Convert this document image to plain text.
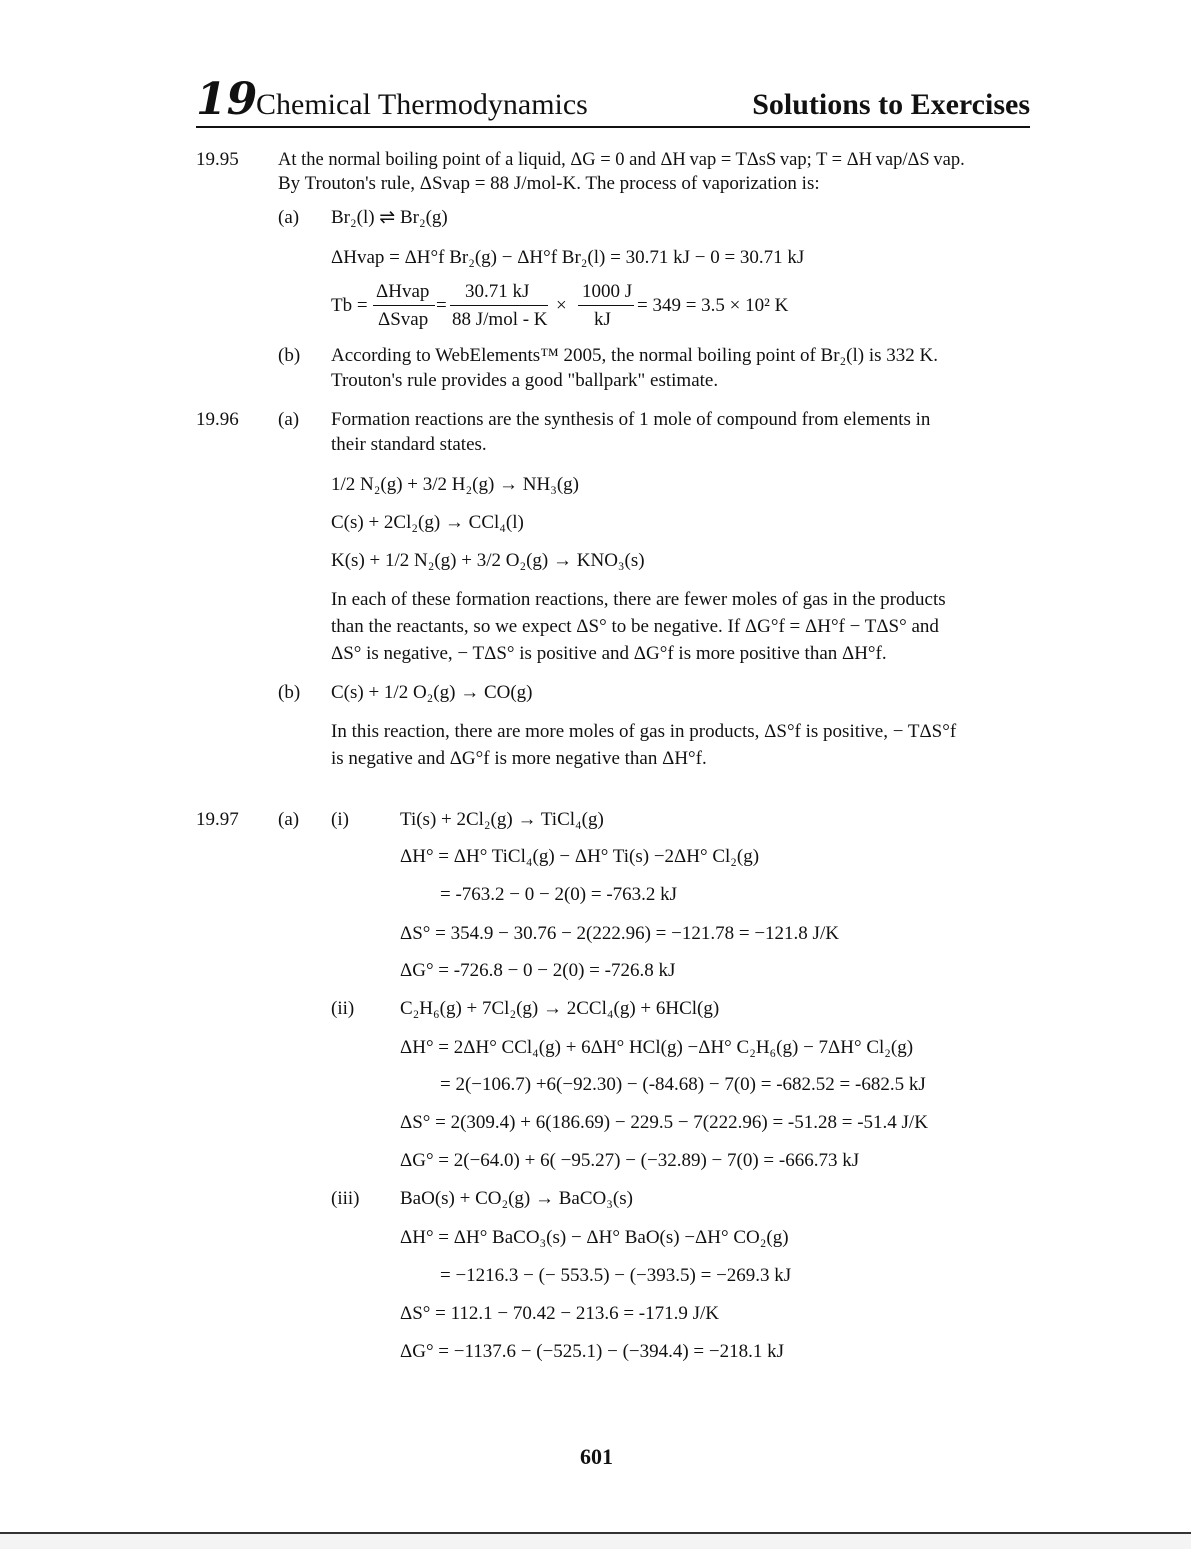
19
Chemical Thermodynamics	Solutions to Exercises
19.95 At the normal boiling point of a liquid, ΔG = 0 and ΔH vap = TΔsS vap; T = ΔH vap/ΔS vap.
By Trouton's rule, ΔSvap = 88 J/mol-K. The process of vaporization is:
(a) Br₂(l) ⇌ Br₂(g)
ΔHvap = ΔH°f Br₂(g) − ΔH°f Br₂(l) = 30.71 kJ − 0 = 30.71 kJ
Tb =
ΔHvap
ΔSvap
=
30.71 kJ
88 J/mol - K
×
1000 J
kJ
= 349 = 3.5 × 10² K
(b) According to WebElements™ 2005, the normal boiling point of Br₂(l) is 332 K.
Trouton's rule provides a good "ballpark" estimate.
19.96 (a) Formation reactions are the synthesis of 1 mole of compound from elements in
their standard states.
1/2 N₂(g) + 3/2 H₂(g) → NH₃(g)
C(s) + 2Cl₂(g) → CCl₄(l)
K(s) + 1/2 N₂(g) + 3/2 O₂(g) → KNO₃(s)
In each of these formation reactions, there are fewer moles of gas in the products
than the reactants, so we expect ΔS° to be negative. If ΔG°f = ΔH°f − TΔS° and
ΔS° is negative, − TΔS° is positive and ΔG°f is more positive than ΔH°f.
(b) C(s) + 1/2 O₂(g) → CO(g)
In this reaction, there are more moles of gas in products, ΔS°f is positive, − TΔS°f
is negative and ΔG°f is more negative than ΔH°f.
19.97 (a) (i)	Ti(s) + 2Cl₂(g) → TiCl₄(g)
ΔH° = ΔH° TiCl₄(g) − ΔH° Ti(s) −2ΔH° Cl₂(g)
= -763.2 − 0 − 2(0) = -763.2 kJ
ΔS° = 354.9 − 30.76 − 2(222.96) = −121.78 = −121.8 J/K
ΔG° = -726.8 − 0 − 2(0) = -726.8 kJ
(ii) C₂H₆(g) + 7Cl₂(g) → 2CCl₄(g) + 6HCl(g)
ΔH° = 2ΔH° CCl₄(g) + 6ΔH° HCl(g) −ΔH° C₂H₆(g) − 7ΔH° Cl₂(g)
= 2(−106.7) +6(−92.30) − (-84.68) − 7(0) = -682.52 = -682.5 kJ
ΔS° = 2(309.4) + 6(186.69) − 229.5 − 7(222.96) = -51.28 = -51.4 J/K
ΔG° = 2(−64.0) + 6( −95.27) − (−32.89) − 7(0) = -666.73 kJ
(iii) BaO(s) + CO₂(g) → BaCO₃(s)
ΔH° = ΔH° BaCO₃(s) − ΔH° BaO(s) −ΔH° CO₂(g)
= −1216.3 − (− 553.5) − (−393.5) = −269.3 kJ
ΔS° = 112.1 − 70.42 − 213.6 = -171.9 J/K
ΔG° = −1137.6 − (−525.1) − (−394.4) = −218.1 kJ
601
